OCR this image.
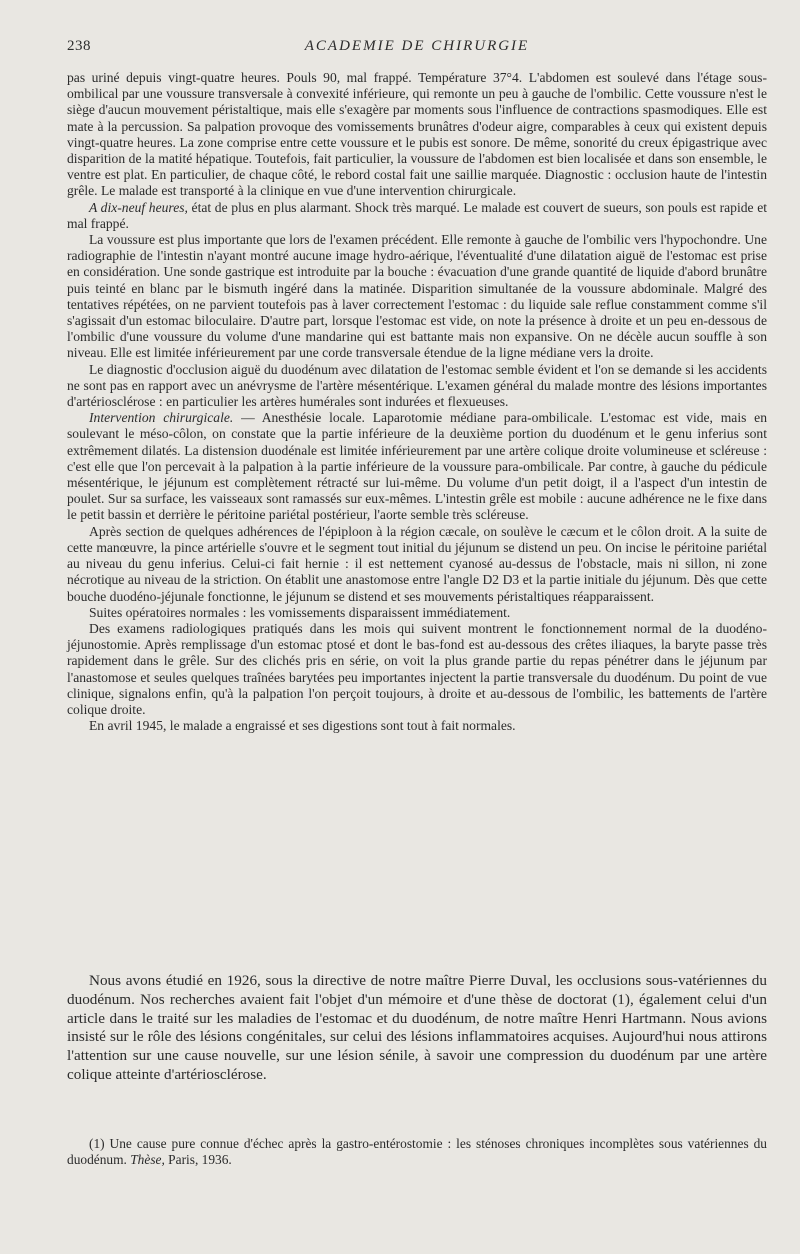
238	ACADEMIE DE CHIRURGIE

pas uriné depuis vingt-quatre heures. Pouls 90, mal frappé. Température 37°4. L'abdomen est soulevé dans l'étage sous-ombilical par une voussure transversale à convexité inférieure, qui remonte un peu à gauche de l'ombilic. Cette voussure n'est le siège d'aucun mouvement péristaltique, mais elle s'exagère par moments sous l'influence de contractions spasmodiques. Elle est mate à la percussion. Sa palpation provoque des vomissements brunâtres d'odeur aigre, comparables à ceux qui existent depuis vingt-quatre heures. La zone comprise entre cette voussure et le pubis est sonore. De même, sonorité du creux épigastrique avec disparition de la matité hépatique. Toutefois, fait particulier, la voussure de l'abdomen est bien localisée et dans son ensemble, le ventre est plat. En particulier, de chaque côté, le rebord costal fait une saillie marquée. Diagnostic : occlusion haute de l'intestin grêle. Le malade est transporté à la clinique en vue d'une intervention chirurgicale.

A dix-neuf heures, état de plus en plus alarmant. Shock très marqué. Le malade est couvert de sueurs, son pouls est rapide et mal frappé.

La voussure est plus importante que lors de l'examen précédent. Elle remonte à gauche de l'ombilic vers l'hypochondre. Une radiographie de l'intestin n'ayant montré aucune image hydro-aérique, l'éventualité d'une dilatation aiguë de l'estomac est prise en considération. Une sonde gastrique est introduite par la bouche : évacuation d'une grande quantité de liquide d'abord brunâtre puis teinté en blanc par le bismuth ingéré dans la matinée. Disparition simultanée de la voussure abdominale. Malgré des tentatives répétées, on ne parvient toutefois pas à laver correctement l'estomac : du liquide sale reflue constamment comme s'il s'agissait d'un estomac biloculaire. D'autre part, lorsque l'estomac est vide, on note la présence à droite et un peu en-dessous de l'ombilic d'une voussure du volume d'une mandarine qui est battante mais non expansive. On ne décèle aucun souffle à son niveau. Elle est limitée inférieurement par une corde transversale étendue de la ligne médiane vers la droite.

Le diagnostic d'occlusion aiguë du duodénum avec dilatation de l'estomac semble évident et l'on se demande si les accidents ne sont pas en rapport avec un anévrysme de l'artère mésentérique. L'examen général du malade montre des lésions importantes d'artériosclérose : en particulier les artères humérales sont indurées et flexueuses.

Intervention chirurgicale. — Anesthésie locale. Laparotomie médiane para-ombilicale. L'estomac est vide, mais en soulevant le méso-côlon, on constate que la partie inférieure de la deuxième portion du duodénum et le genu inferius sont extrêmement dilatés. La distension duodénale est limitée inférieurement par une artère colique droite volumineuse et scléreuse : c'est elle que l'on percevait à la palpation à la partie inférieure de la voussure para-ombilicale. Par contre, à gauche du pédicule mésentérique, le jéjunum est complètement rétracté sur lui-même. Du volume d'un petit doigt, il a l'aspect d'un intestin de poulet. Sur sa surface, les vaisseaux sont ramassés sur eux-mêmes. L'intestin grêle est mobile : aucune adhérence ne le fixe dans le petit bassin et derrière le péritoine pariétal postérieur, l'aorte semble très scléreuse.

Après section de quelques adhérences de l'épiploon à la région cæcale, on soulève le cæcum et le côlon droit. A la suite de cette manœuvre, la pince artérielle s'ouvre et le segment tout initial du jéjunum se distend un peu. On incise le péritoine pariétal au niveau du genu inferius. Celui-ci fait hernie : il est nettement cyanosé au-dessus de l'obstacle, mais ni sillon, ni zone nécrotique au niveau de la striction. On établit une anastomose entre l'angle D2 D3 et la partie initiale du jéjunum. Dès que cette bouche duodéno-jéjunale fonctionne, le jéjunum se distend et ses mouvements péristaltiques réapparaissent.

Suites opératoires normales : les vomissements disparaissent immédiatement.

Des examens radiologiques pratiqués dans les mois qui suivent montrent le fonctionnement normal de la duodéno-jéjunostomie. Après remplissage d'un estomac ptosé et dont le bas-fond est au-dessous des crêtes iliaques, la baryte passe très rapidement dans le grêle. Sur des clichés pris en série, on voit la plus grande partie du repas pénétrer dans le jéjunum par l'anastomose et seules quelques traînées barytées peu importantes injectent la partie transversale du duodénum. Du point de vue clinique, signalons enfin, qu'à la palpation l'on perçoit toujours, à droite et au-dessous de l'ombilic, les battements de l'artère colique droite.

En avril 1945, le malade a engraissé et ses digestions sont tout à fait normales.

Nous avons étudié en 1926, sous la directive de notre maître Pierre Duval, les occlusions sous-vatériennes du duodénum. Nos recherches avaient fait l'objet d'un mémoire et d'une thèse de doctorat (1), également celui d'un article dans le traité sur les maladies de l'estomac et du duodénum, de notre maître Henri Hartmann. Nous avions insisté sur le rôle des lésions congénitales, sur celui des lésions inflammatoires acquises. Aujourd'hui nous attirons l'attention sur une cause nouvelle, sur une lésion sénile, à savoir une compression du duodénum par une artère colique atteinte d'artériosclérose.

(1) Une cause pure connue d'échec après la gastro-entérostomie : les sténoses chroniques incomplètes sous vatériennes du duodénum. Thèse, Paris, 1936.
